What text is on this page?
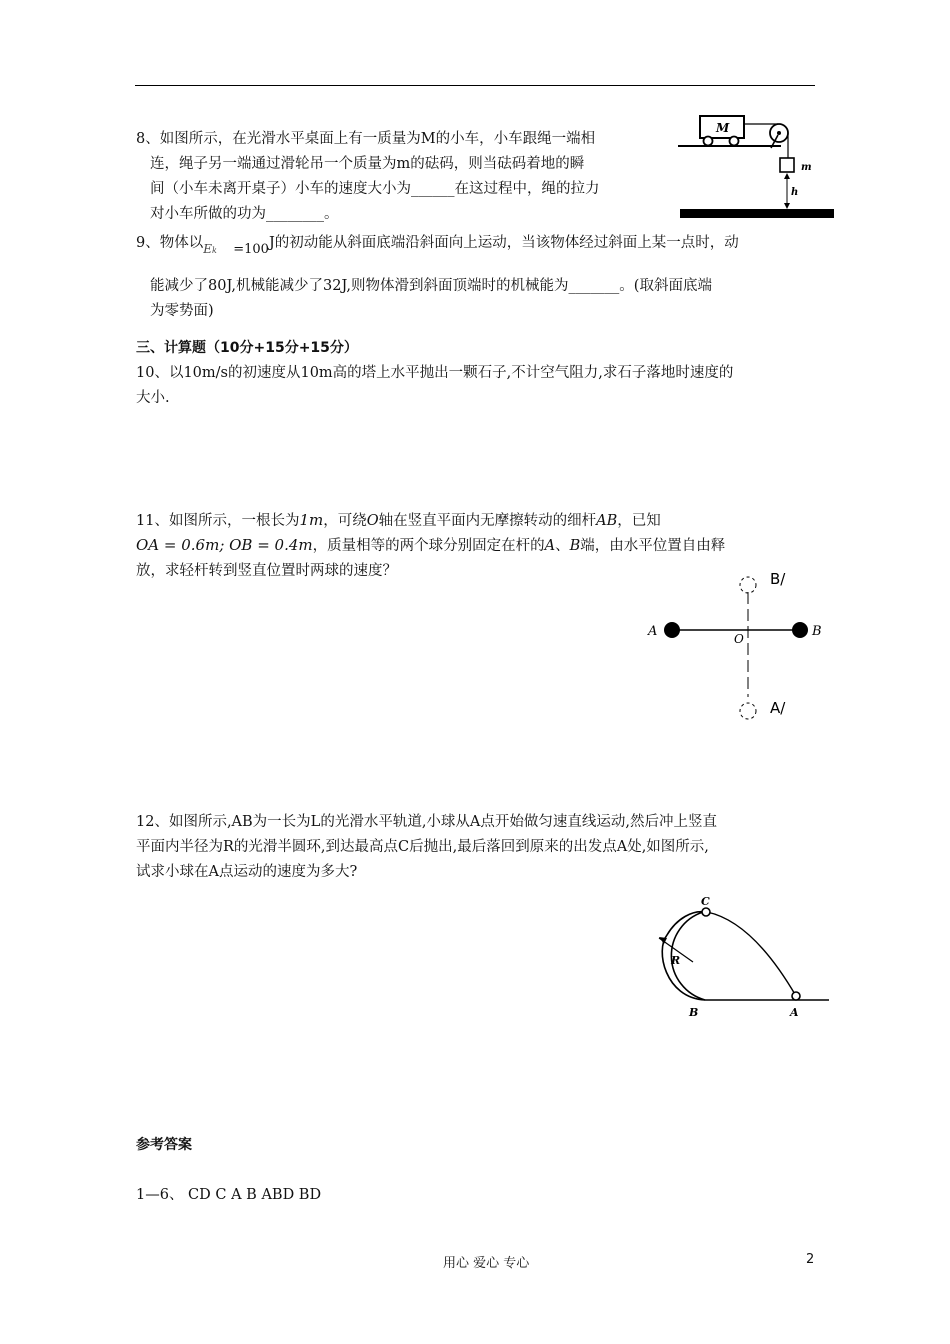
8、如图所示，在光滑水平桌面上有一质量为M的小车，小车跟绳一端相
连，绳子另一端通过滑轮吊一个质量为m的砝码，则当砝码着地的瞬
间（小车未离开桌子）小车的速度大小为______在这过程中，绳的拉力
对小车所做的功为________。
M
m
h
9、物体以Ek =100J的初动能从斜面底端沿斜面向上运动，当该物体经过斜面上某一点时，动
能减少了80J,机械能减少了32J,则物体滑到斜面顶端时的机械能为_______。(取斜面底端
为零势面)
三、计算题（10分+15分+15分）
10、以10m/s的初速度从10m高的塔上水平抛出一颗石子,不计空气阻力,求石子落地时速度的
大小.
11、如图所示，一根长为1m，可绕O轴在竖直平面内无摩擦转动的细杆AB，已知
OA = 0.6m; OB = 0.4m，质量相等的两个球分别固定在杆的A、B端，由水平位置自由释
放，求轻杆转到竖直位置时两球的速度？
A	B
O
B/
A/
12、如图所示,AB为一长为L的光滑水平轨道,小球从A点开始做匀速直线运动,然后冲上竖直
平面内半径为R的光滑半圆环,到达最高点C后抛出,最后落回到原来的出发点A处,如图所示,
试求小球在A点运动的速度为多大?
C
R
B	A
参考答案
1—6、 CD C A B ABD BD
用心 爱心 专心	2
